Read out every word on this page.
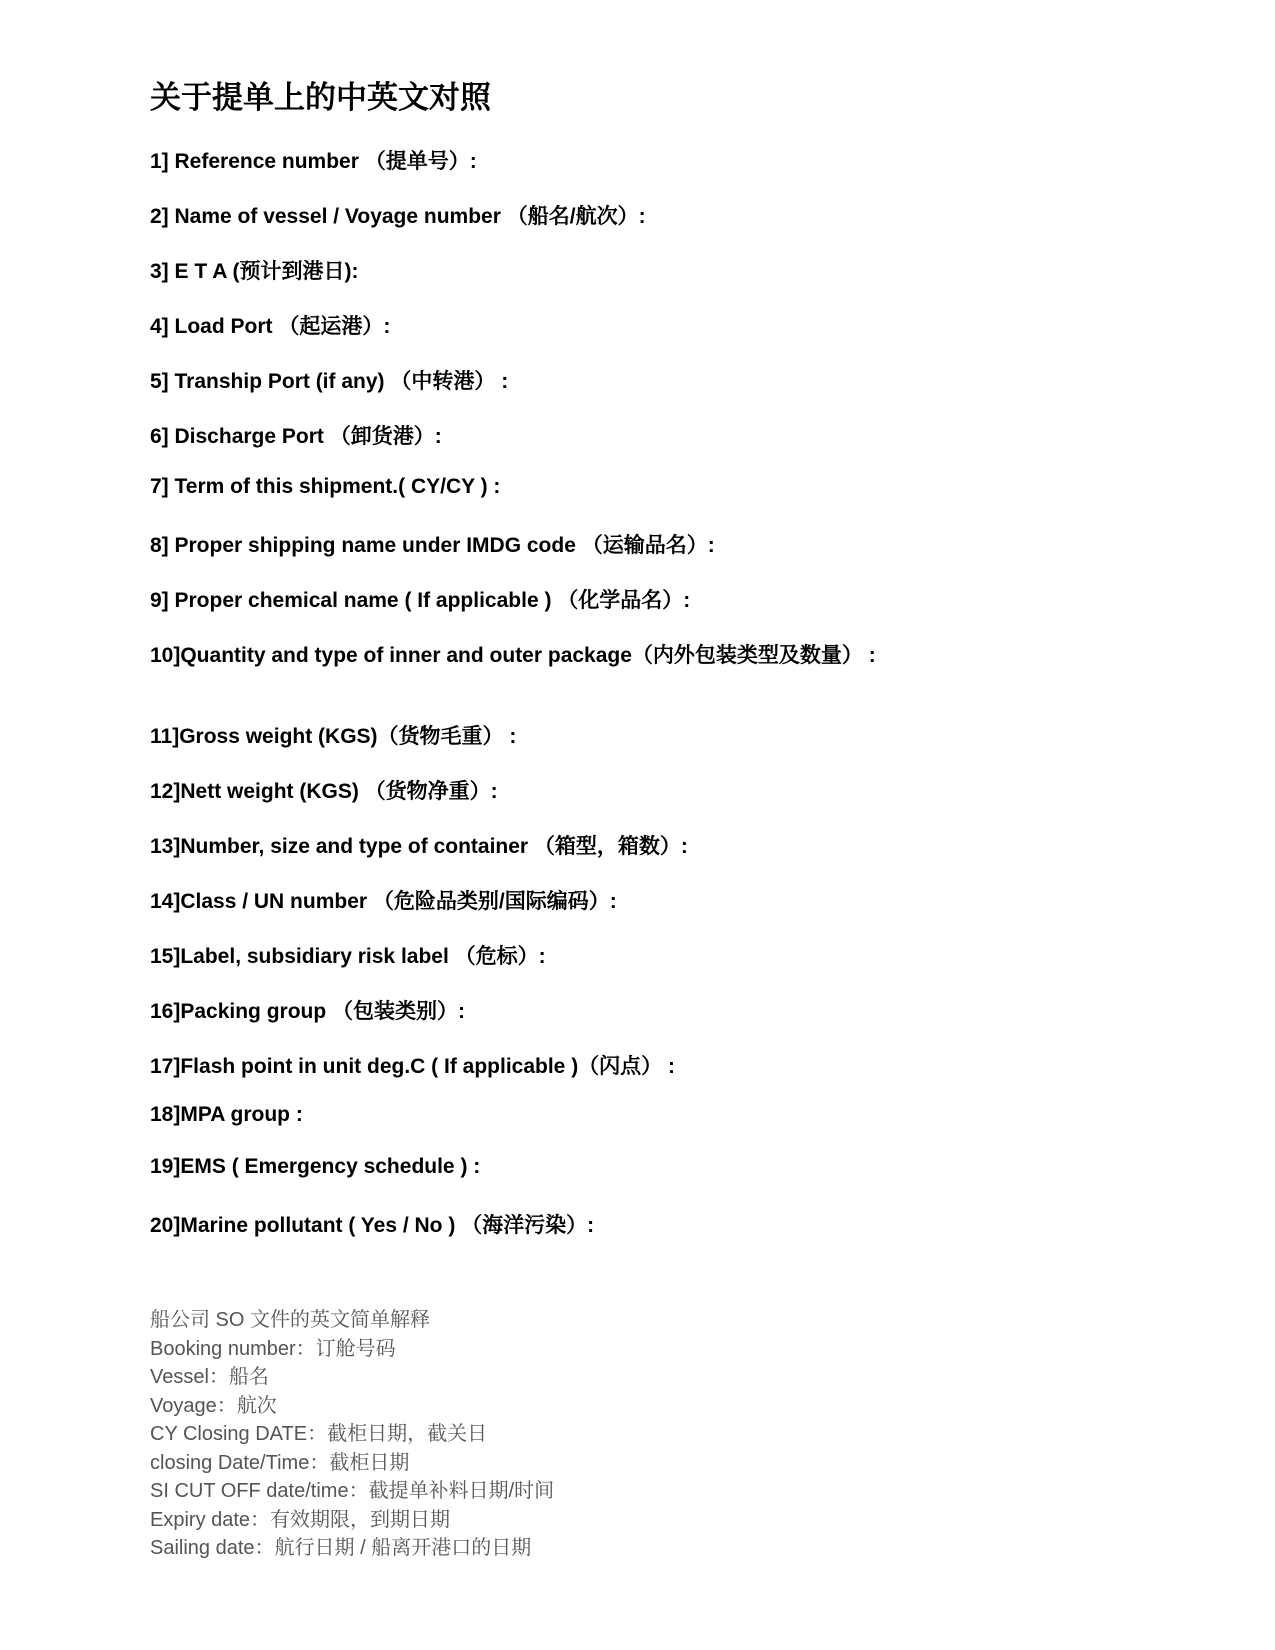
关于提单上的中英文对照
1] Reference number （提单号）:
2] Name of vessel / Voyage number （船名/航次）:
3] E T A (预计到港日):
4] Load Port （起运港）:
5] Tranship Port (if any) （中转港） :
6] Discharge Port （卸货港）:
7] Term of this shipment.( CY/CY ) :
8] Proper shipping name under IMDG code （运输品名）:
9] Proper chemical name ( If applicable ) （化学品名）:
10]Quantity and type of inner and outer package（内外包装类型及数量） :
11]Gross weight (KGS)（货物毛重） :
12]Nett weight (KGS) （货物净重）:
13]Number, size and type of container （箱型，箱数）:
14]Class / UN number （危险品类别/国际编码）:
15]Label, subsidiary risk label （危标）:
16]Packing group （包装类别）:
17]Flash point in unit deg.C ( If applicable )（闪点） :
18]MPA group :
19]EMS ( Emergency schedule ) :
20]Marine pollutant ( Yes / No ) （海洋污染）:
船公司 SO 文件的英文简单解释
Booking number：订舱号码
Vessel：船名
Voyage：航次
CY Closing DATE：截柜日期，截关日
closing Date/Time：截柜日期
SI CUT OFF date/time：截提单补料日期/时间
Expiry date：有效期限，到期日期
Sailing date：航行日期 / 船离开港口的日期
